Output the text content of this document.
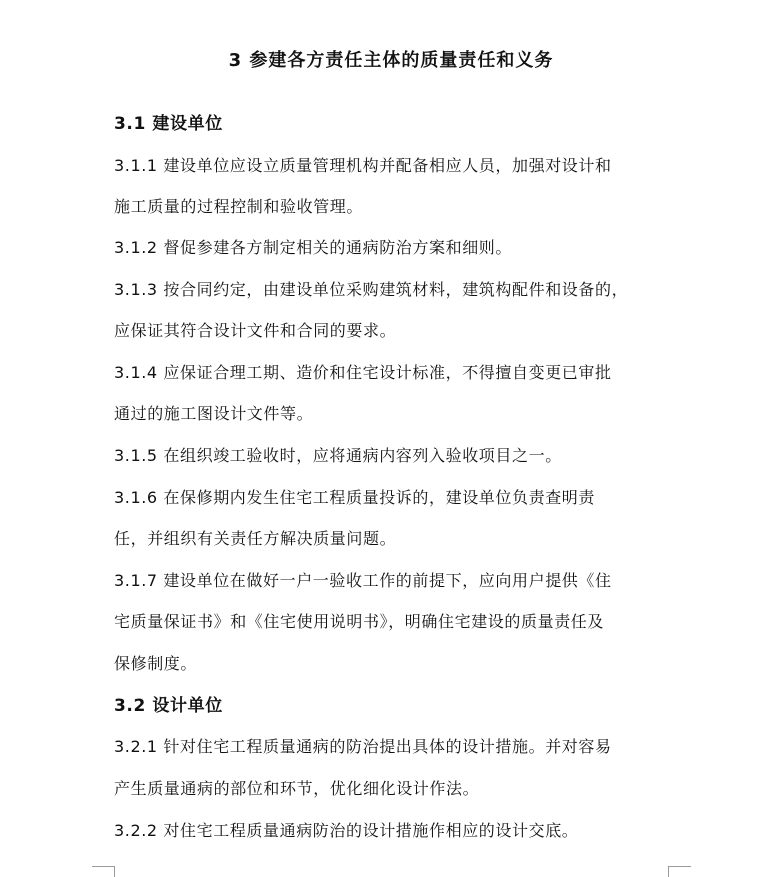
3 参建各方责任主体的质量责任和义务
3.1 建设单位
3.1.1 建设单位应设立质量管理机构并配备相应人员，加强对设计和
施工质量的过程控制和验收管理。
3.1.2 督促参建各方制定相关的通病防治方案和细则。
3.1.3 按合同约定，由建设单位采购建筑材料，建筑构配件和设备的，
应保证其符合设计文件和合同的要求。
3.1.4 应保证合理工期、造价和住宅设计标准，不得擅自变更已审批
通过的施工图设计文件等。
3.1.5 在组织竣工验收时，应将通病内容列入验收项目之一。
3.1.6 在保修期内发生住宅工程质量投诉的，建设单位负责查明责
任，并组织有关责任方解决质量问题。
3.1.7 建设单位在做好一户一验收工作的前提下，应向用户提供《住
宅质量保证书》和《住宅使用说明书》，明确住宅建设的质量责任及
保修制度。
3.2 设计单位
3.2.1 针对住宅工程质量通病的防治提出具体的设计措施。并对容易
产生质量通病的部位和环节，优化细化设计作法。
3.2.2 对住宅工程质量通病防治的设计措施作相应的设计交底。
